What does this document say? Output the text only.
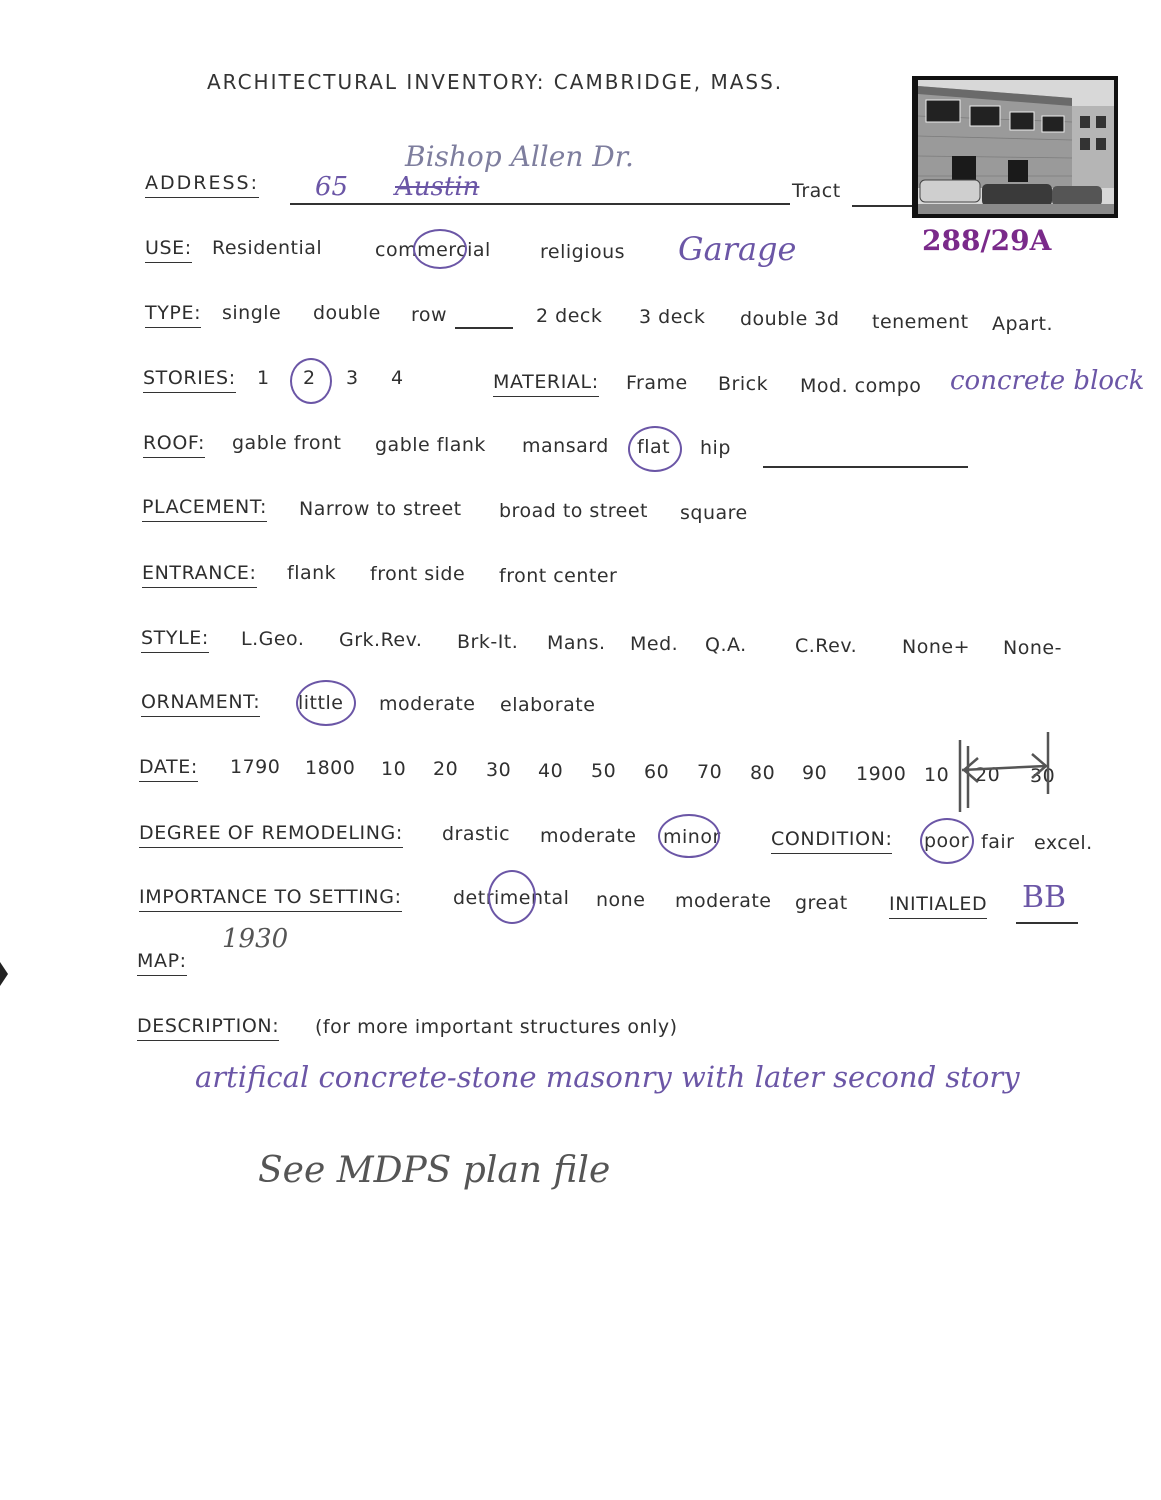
ARCHITECTURAL INVENTORY: CAMBRIDGE, MASS.
ADDRESS:
Bishop Allen Dr.
65 Austin	Tract
288/29A
USE: Residential	commercial	religious Garage
TYPE: single double row	2 deck 3 deck double 3d tenement Apart.
STORIES: 1 2 3 4	MATERIAL: Frame Brick Mod. compo concrete block
ROOF: gable front gable flank mansard flat hip
PLACEMENT: Narrow to street broad to street square
ENTRANCE: flank front side front center
STYLE: L.Geo. Grk.Rev. Brk-It. Mans. Med. Q.A.	C.Rev. None+ None-
ORNAMENT: little moderate elaborate
DATE: 1790 1800 10 20 30 40 50 60 70 80 90 1900 10 20 30
DEGREE OF REMODELING: drastic moderate minor	CONDITION: poor fair excel.
IMPORTANCE TO SETTING:	detrimental none moderate great INITIALED BB
MAP:
1930
DESCRIPTION: (for more important structures only)
artifical concrete-stone masonry with later second story
See MDPS plan file
